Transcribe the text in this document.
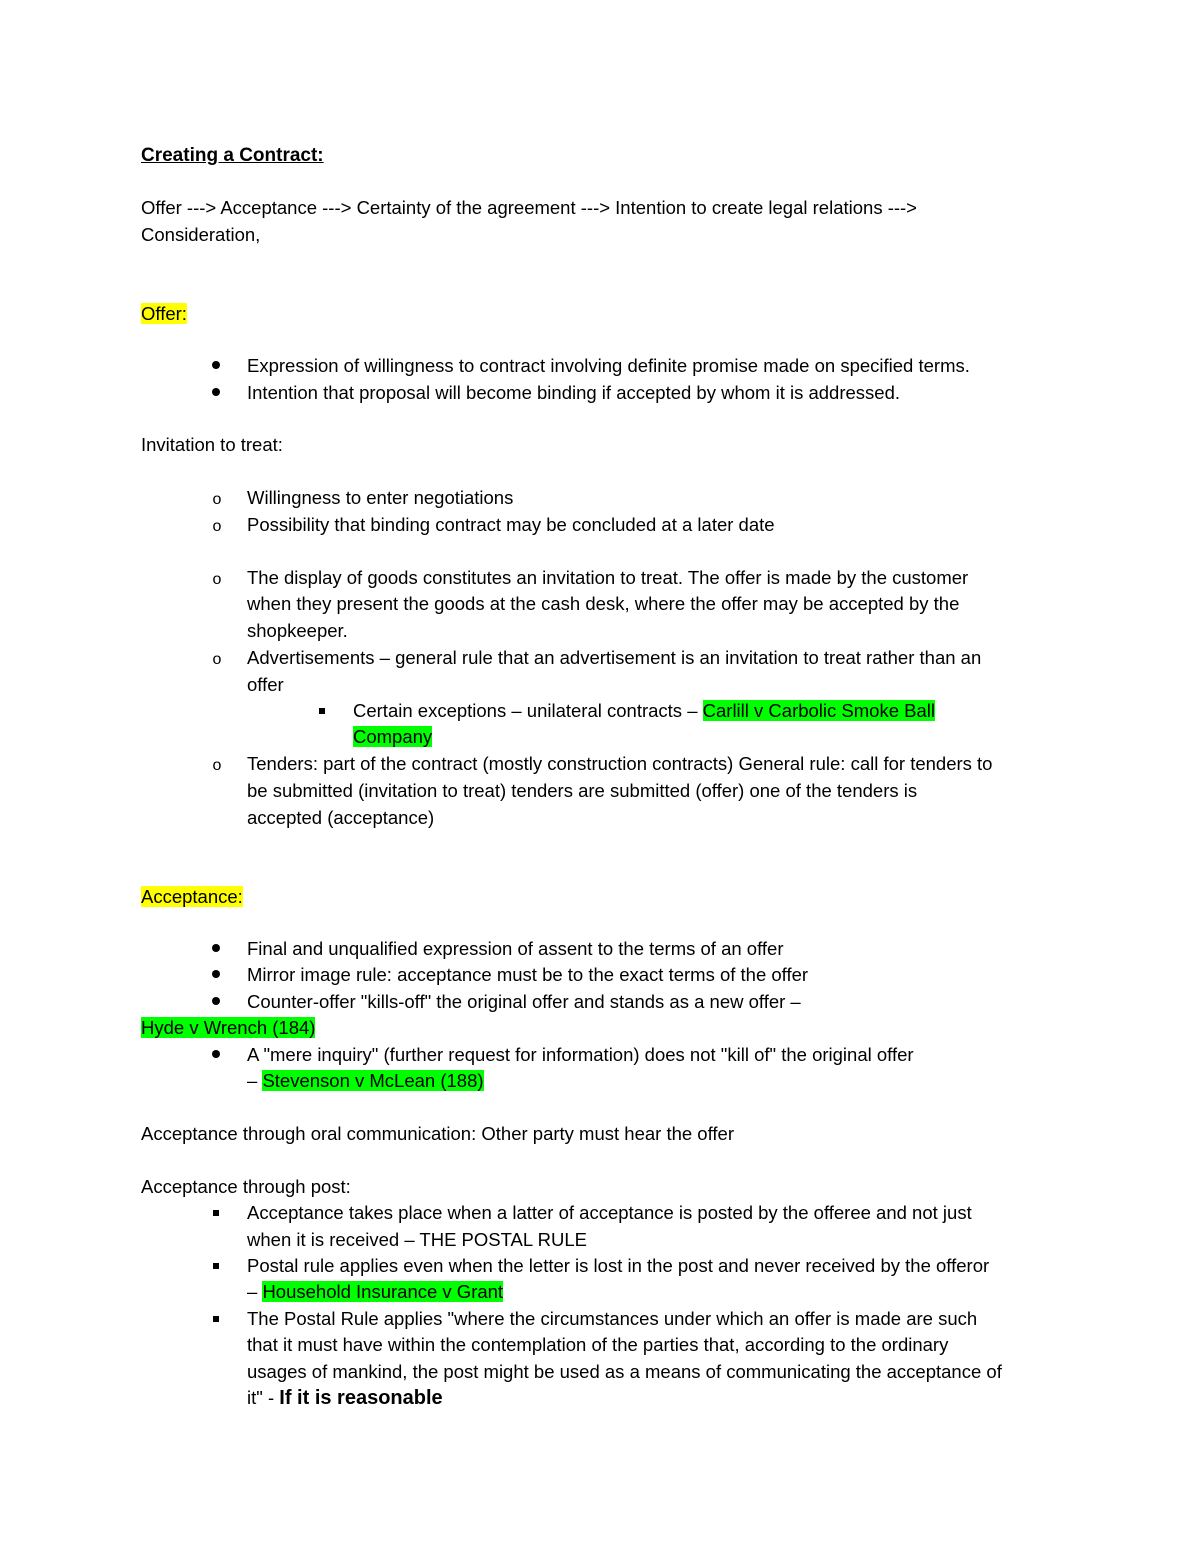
Creating a Contract:
Offer ---> Acceptance ---> Certainty of the agreement ---> Intention to create legal relations --->
Consideration,
Offer:
Expression of willingness to contract involving definite promise made on specified terms.
Intention that proposal will become binding if accepted by whom it is addressed.
Invitation to treat:
o Willingness to enter negotiations
o Possibility that binding contract may be concluded at a later date
o The display of goods constitutes an invitation to treat. The offer is made by the customer
when they present the goods at the cash desk, where the offer may be accepted by the
shopkeeper.
o Advertisements – general rule that an advertisement is an invitation to treat rather than an
offer
Certain exceptions – unilateral contracts – Carlill v Carbolic Smoke Ball
Company
o Tenders: part of the contract (mostly construction contracts) General rule: call for tenders to
be submitted (invitation to treat) tenders are submitted (offer) one of the tenders is
accepted (acceptance)
Acceptance:
Final and unqualified expression of assent to the terms of an offer
Mirror image rule: acceptance must be to the exact terms of the offer
Counter-offer "kills-off" the original offer and stands as a new offer –
Hyde v Wrench (184)
A "mere inquiry" (further request for information) does not "kill of" the original offer
– Stevenson v McLean (188)
Acceptance through oral communication: Other party must hear the offer
Acceptance through post:
Acceptance takes place when a latter of acceptance is posted by the offeree and not just
when it is received – THE POSTAL RULE
Postal rule applies even when the letter is lost in the post and never received by the offeror
– Household Insurance v Grant
The Postal Rule applies "where the circumstances under which an offer is made are such
that it must have within the contemplation of the parties that, according to the ordinary
usages of mankind, the post might be used as a means of communicating the acceptance of
it" - If it is reasonable
